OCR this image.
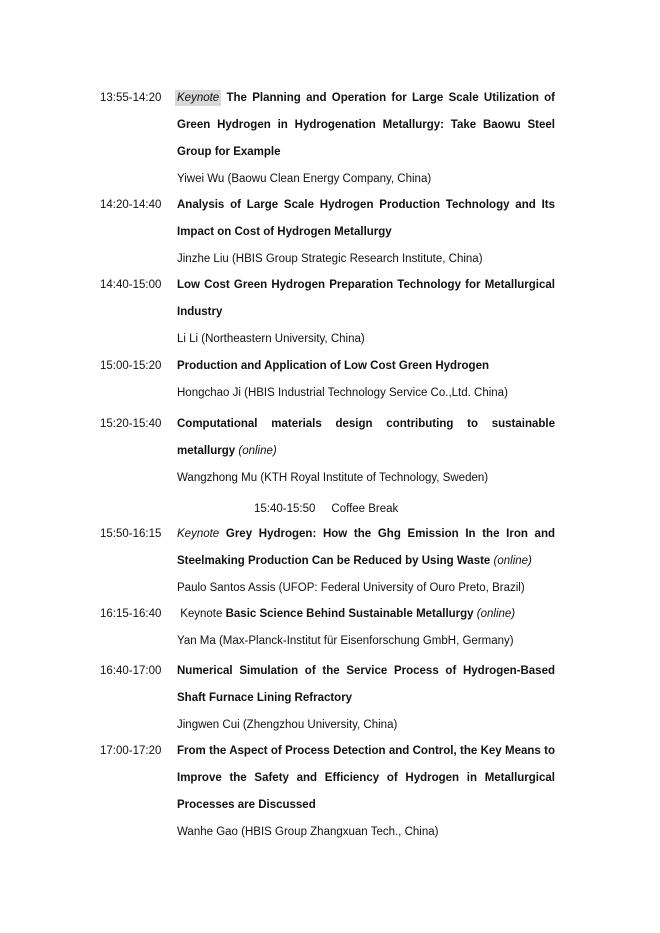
13:55-14:20 Keynote The Planning and Operation for Large Scale Utilization of Green Hydrogen in Hydrogenation Metallurgy: Take Baowu Steel Group for Example
Yiwei Wu (Baowu Clean Energy Company, China)
14:20-14:40 Analysis of Large Scale Hydrogen Production Technology and Its Impact on Cost of Hydrogen Metallurgy
Jinzhe Liu (HBIS Group Strategic Research Institute, China)
14:40-15:00 Low Cost Green Hydrogen Preparation Technology for Metallurgical Industry
Li Li (Northeastern University, China)
15:00-15:20 Production and Application of Low Cost Green Hydrogen
Hongchao Ji (HBIS Industrial Technology Service Co.,Ltd. China)
15:20-15:40 Computational materials design contributing to sustainable metallurgy (online)
Wangzhong Mu (KTH Royal Institute of Technology, Sweden)
15:40-15:50 Coffee Break
15:50-16:15 Keynote Grey Hydrogen: How the Ghg Emission In the Iron and Steelmaking Production Can be Reduced by Using Waste (online)
Paulo Santos Assis (UFOP: Federal University of Ouro Preto, Brazil)
16:15-16:40 Keynote Basic Science Behind Sustainable Metallurgy (online)
Yan Ma (Max-Planck-Institut für Eisenforschung GmbH, Germany)
16:40-17:00 Numerical Simulation of the Service Process of Hydrogen-Based Shaft Furnace Lining Refractory
Jingwen Cui (Zhengzhou University, China)
17:00-17:20 From the Aspect of Process Detection and Control, the Key Means to Improve the Safety and Efficiency of Hydrogen in Metallurgical Processes are Discussed
Wanhe Gao (HBIS Group Zhangxuan Tech., China)
